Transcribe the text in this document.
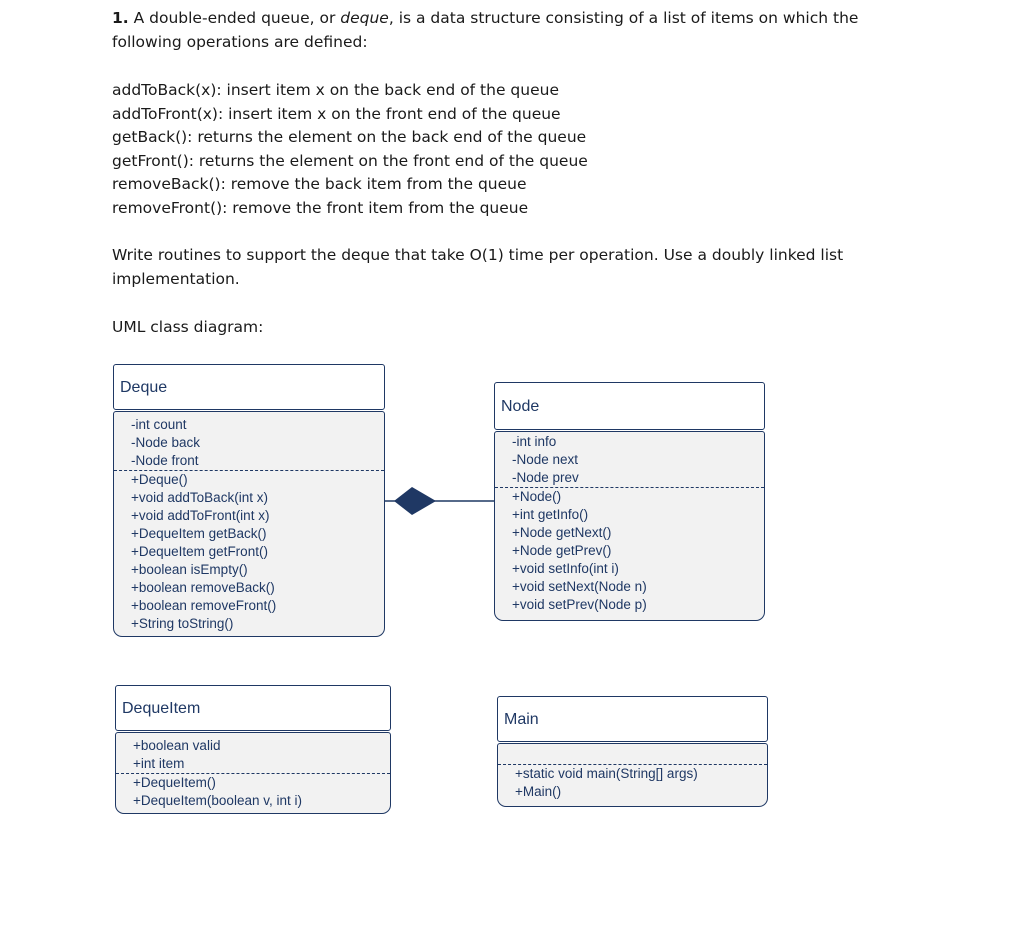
1. A double-ended queue, or deque, is a data structure consisting of a list of items on which the following operations are defined:

addToBack(x): insert item x on the back end of the queue
addToFront(x): insert item x on the front end of the queue
getBack(): returns the element on the back end of the queue
getFront(): returns the element on the front end of the queue
removeBack(): remove the back item from the queue
removeFront(): remove the front item from the queue

Write routines to support the deque that take O(1) time per operation. Use a doubly linked list implementation.

UML class diagram:

Deque
-int count
-Node back
-Node front
+Deque()
+void addToBack(int x)
+void addToFront(int x)
+DequeItem getBack()
+DequeItem getFront()
+boolean isEmpty()
+boolean removeBack()
+boolean removeFront()
+String toString()
Node
-int info
-Node next
-Node prev
+Node()
+int getInfo()
+Node getNext()
+Node getPrev()
+void setInfo(int i)
+void setNext(Node n)
+void setPrev(Node p)
DequeItem
+boolean valid
+int item
+DequeItem()
+DequeItem(boolean v, int i)
Main
+static void main(String[] args)
+Main()
